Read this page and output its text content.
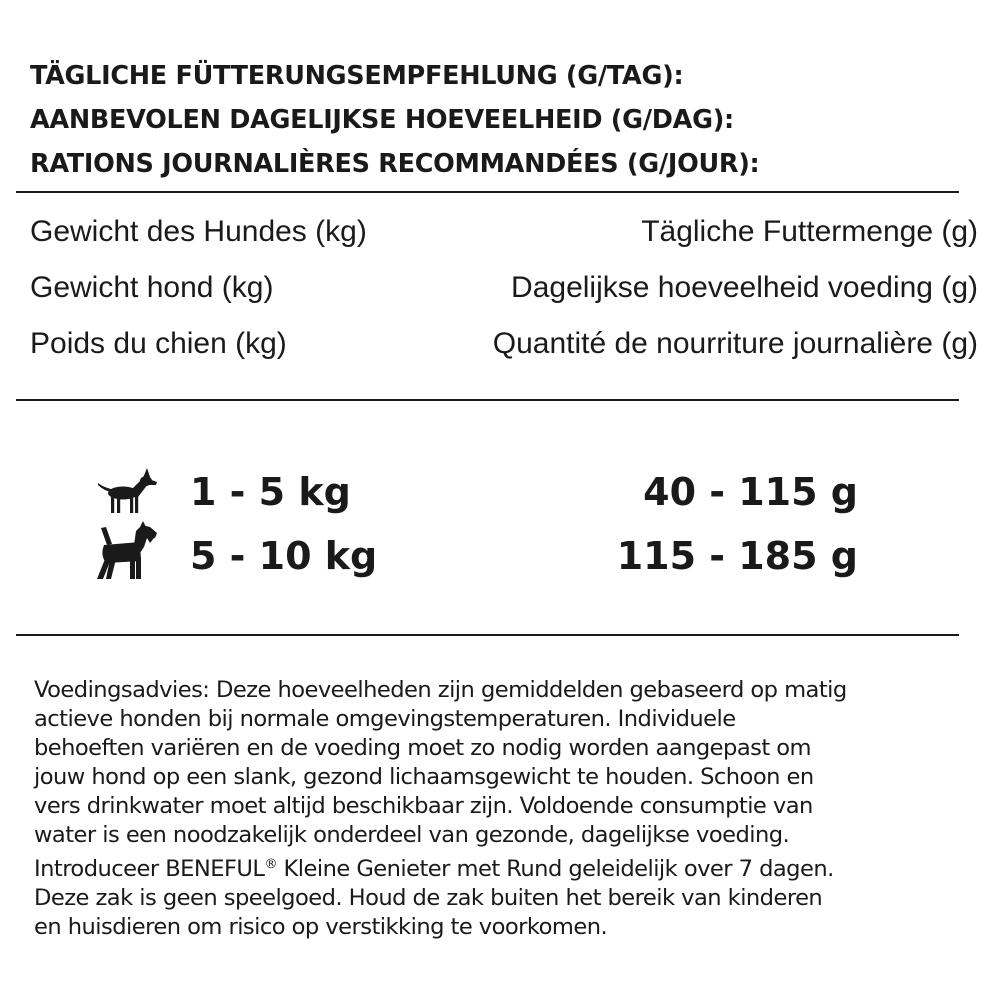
TÄGLICHE FÜTTERUNGSEMPFEHLUNG (G/TAG):
AANBEVOLEN DAGELIJKSE HOEVEELHEID (G/DAG):
RATIONS JOURNALIÈRES RECOMMANDÉES (G/JOUR):
Gewicht des Hundes (kg)	Tägliche Futtermenge (g)
Gewicht hond (kg)	Dagelijkse hoeveelheid voeding (g)
Poids du chien (kg)	Quantité de nourriture journalière (g)
1 - 5 kg	40 - 115 g
5 - 10 kg	115 - 185 g
Voedingsadvies: Deze hoeveelheden zijn gemiddelden gebaseerd op matig
actieve honden bij normale omgevingstemperaturen. Individuele
behoeften variëren en de voeding moet zo nodig worden aangepast om
jouw hond op een slank, gezond lichaamsgewicht te houden. Schoon en
vers drinkwater moet altijd beschikbaar zijn. Voldoende consumptie van
water is een noodzakelijk onderdeel van gezonde, dagelijkse voeding.
Introduceer BENEFUL® Kleine Genieter met Rund geleidelijk over 7 dagen.
Deze zak is geen speelgoed. Houd de zak buiten het bereik van kinderen
en huisdieren om risico op verstikking te voorkomen.
